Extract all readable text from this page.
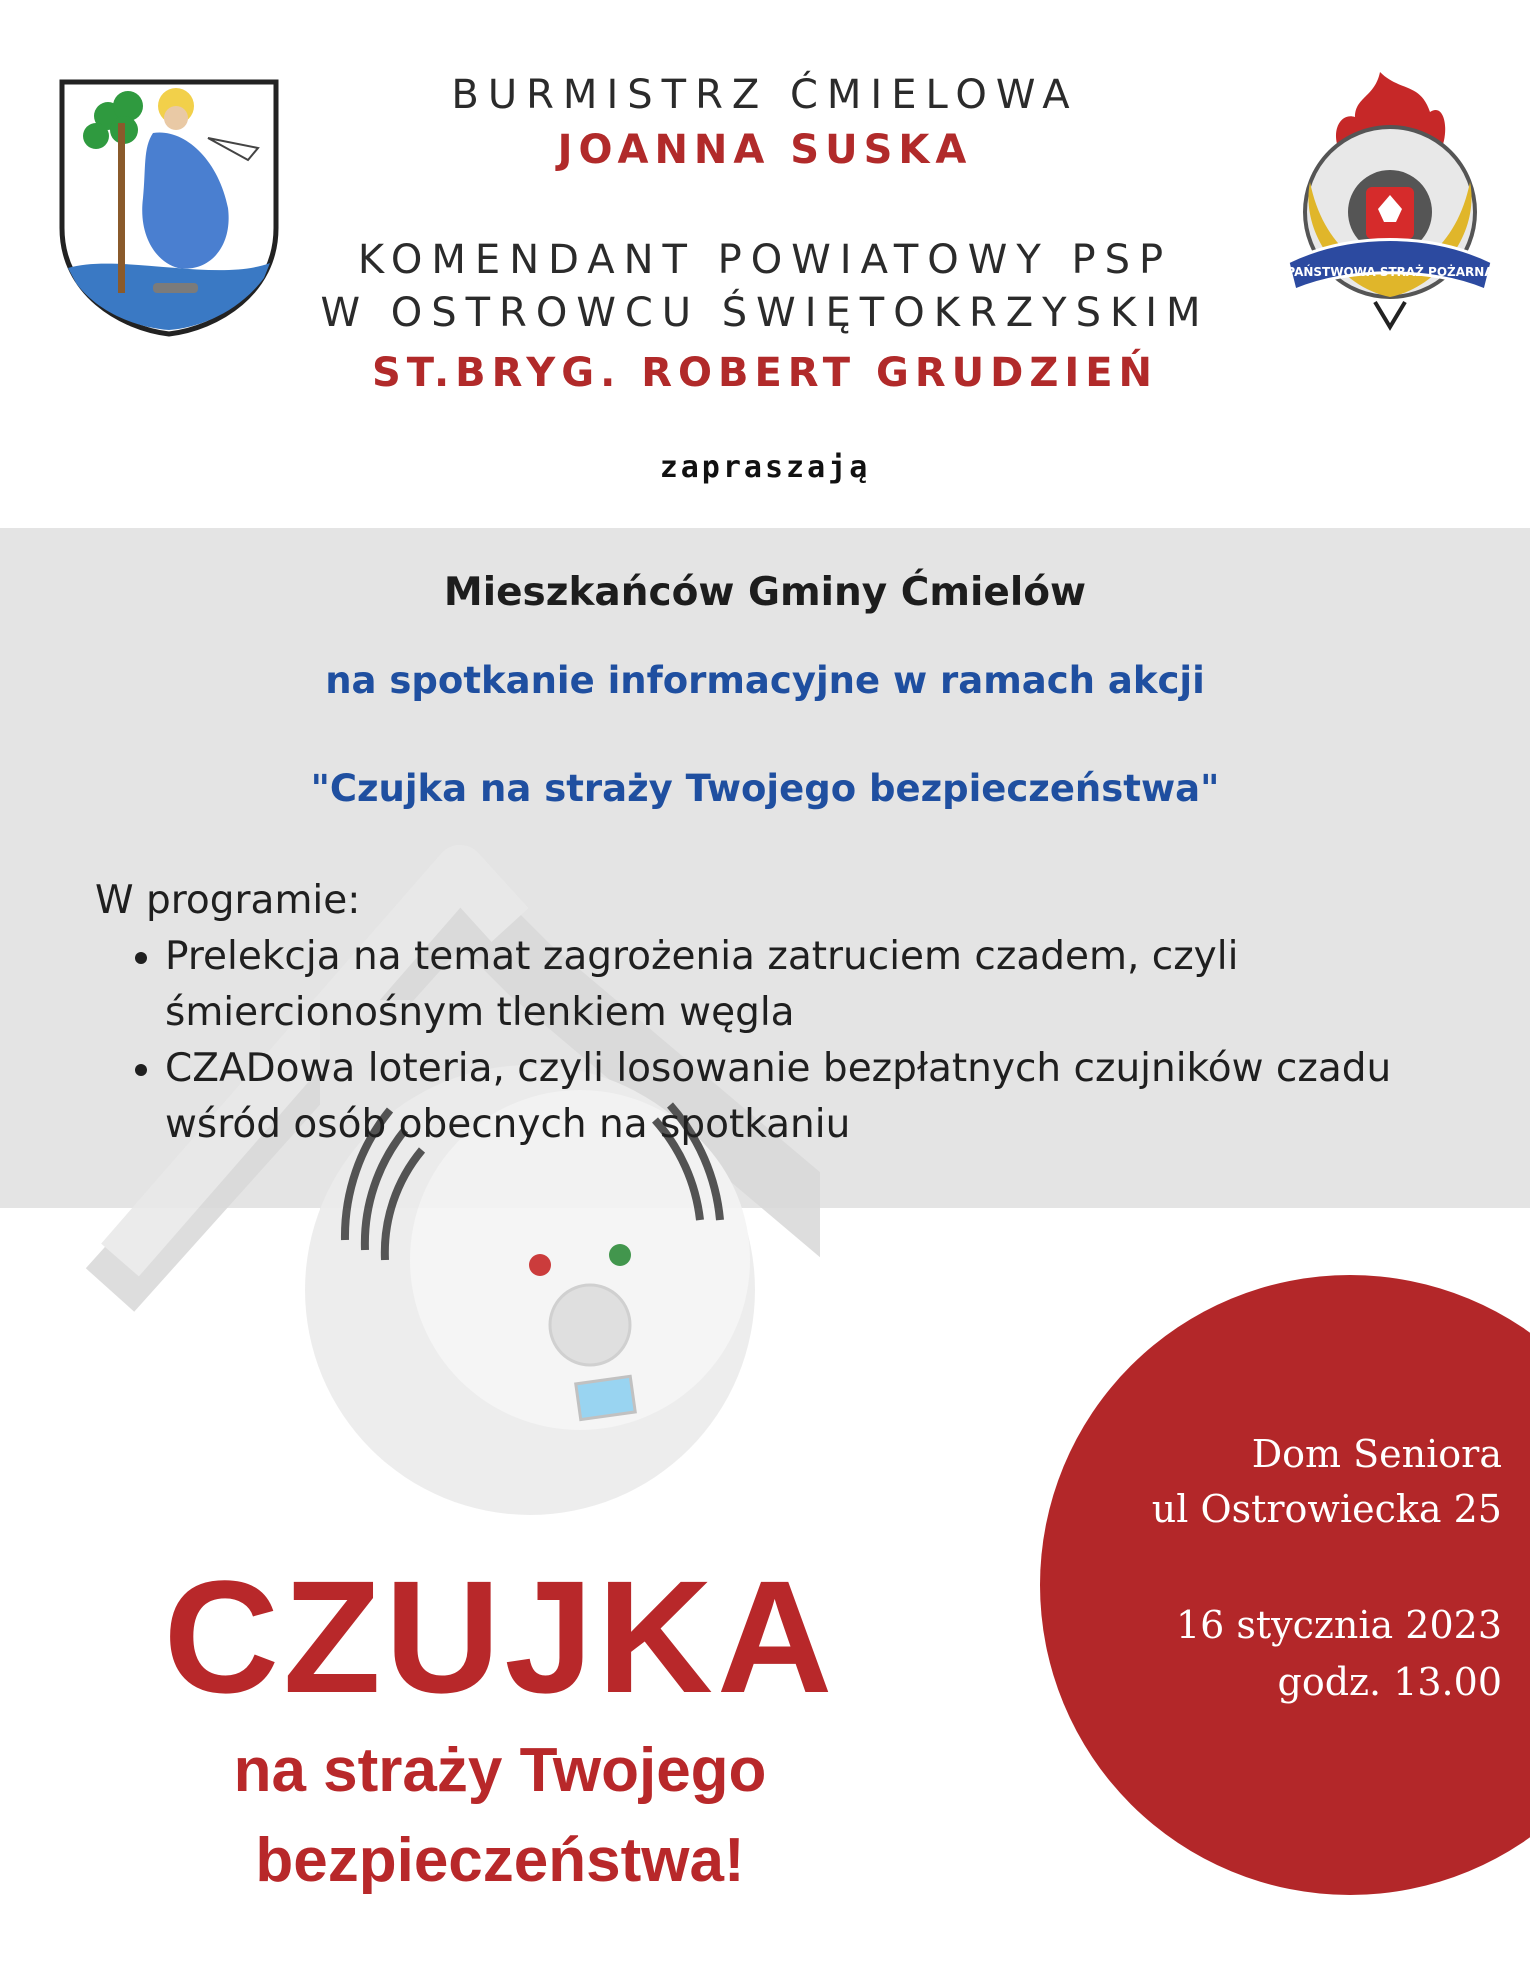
PAŃSTWOWA STRAŻ POŻARNA
BURMISTRZ ĆMIELOWA
JOANNA SUSKA
KOMENDANT POWIATOWY PSP
W OSTROWCU ŚWIĘTOKRZYSKIM
ST.BRYG. ROBERT GRUDZIEŃ
zapraszają
Mieszkańców Gminy Ćmielów
na spotkanie informacyjne w ramach akcji
"Czujka na straży Twojego bezpieczeństwa"
W programie:
• Prelekcja na temat zagrożenia zatruciem czadem, czyli śmiercionośnym tlenkiem węgla
• CZADowa loteria, czyli losowanie bezpłatnych czujników czadu wśród osób obecnych na spotkaniu
Dom Seniora
ul Ostrowiecka 25
16 stycznia 2023
godz. 13.00
CZUJKA
na straży Twojego
bezpieczeństwa!
